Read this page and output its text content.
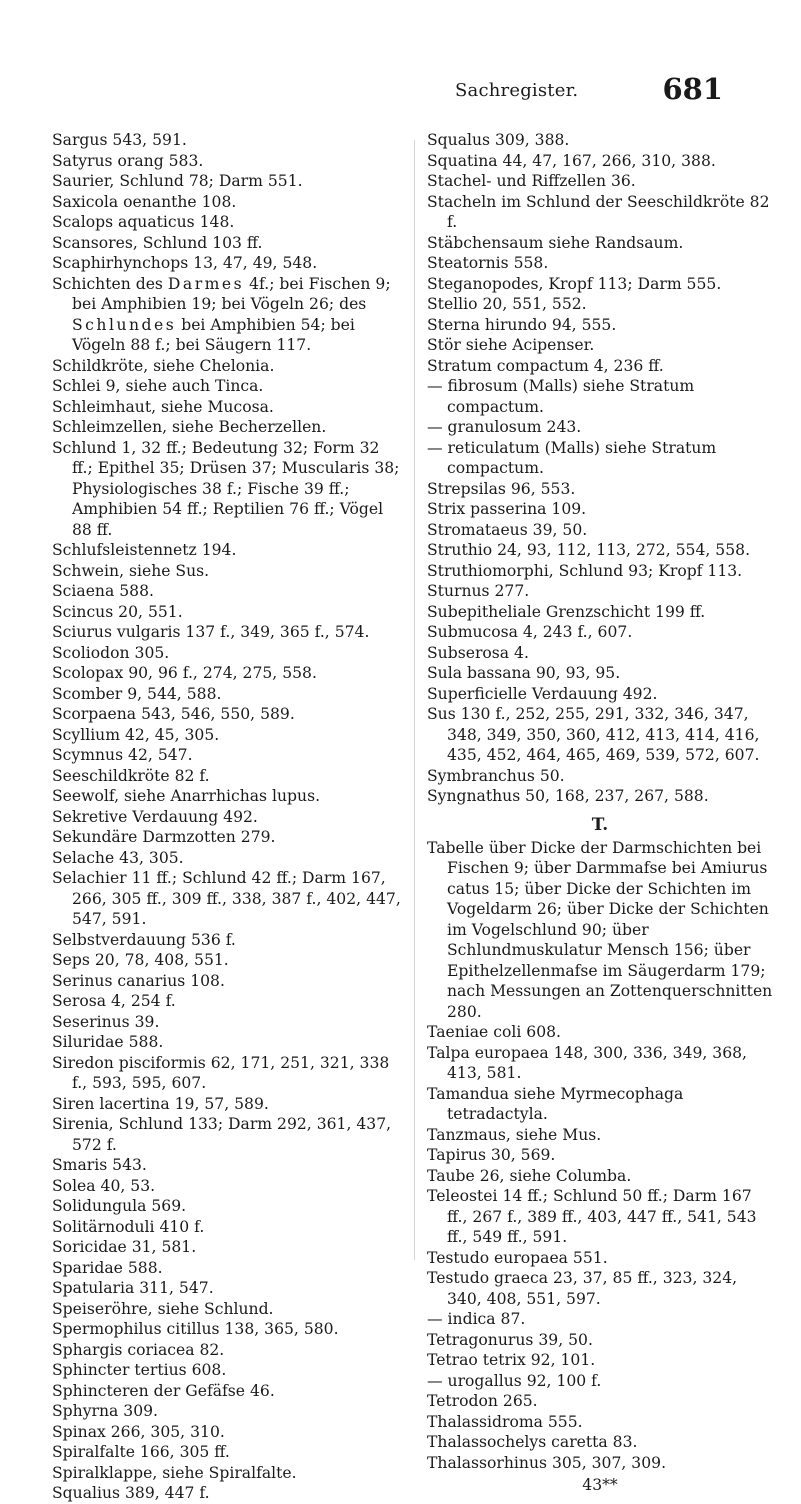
Sachregister.	681

Sargus 543, 591.

Satyrus orang 583.

Saurier, Schlund 78; Darm 551.

Saxicola oenanthe 108.

Scalops aquaticus 148.

Scansores, Schlund 103 ff.

Scaphirhynchops 13, 47, 49, 548.

Schichten des Darmes 4f.; bei Fischen 9; bei Amphibien 19; bei Vögeln 26; des Schlundes bei Amphibien 54; bei Vögeln 88 f.; bei Säugern 117.

Schildkröte, siehe Chelonia.

Schlei 9, siehe auch Tinca.

Schleimhaut, siehe Mucosa.

Schleimzellen, siehe Becherzellen.

Schlund 1, 32 ff.; Bedeutung 32; Form 32 ff.; Epithel 35; Drüsen 37; Muscularis 38; Physiologisches 38 f.; Fische 39 ff.; Amphibien 54 ff.; Reptilien 76 ff.; Vögel 88 ff.

Schlufsleistennetz 194.

Schwein, siehe Sus.

Sciaena 588.

Scincus 20, 551.

Sciurus vulgaris 137 f., 349, 365 f., 574.

Scoliodon 305.

Scolopax 90, 96 f., 274, 275, 558.

Scomber 9, 544, 588.

Scorpaena 543, 546, 550, 589.

Scyllium 42, 45, 305.

Scymnus 42, 547.

Seeschildkröte 82 f.

Seewolf, siehe Anarrhichas lupus.

Sekretive Verdauung 492.

Sekundäre Darmzotten 279.

Selache 43, 305.

Selachier 11 ff.; Schlund 42 ff.; Darm 167, 266, 305 ff., 309 ff., 338, 387 f., 402, 447, 547, 591.

Selbstverdauung 536 f.

Seps 20, 78, 408, 551.

Serinus canarius 108.

Serosa 4, 254 f.

Seserinus 39.

Siluridae 588.

Siredon pisciformis 62, 171, 251, 321, 338 f., 593, 595, 607.

Siren lacertina 19, 57, 589.

Sirenia, Schlund 133; Darm 292, 361, 437, 572 f.

Smaris 543.

Solea 40, 53.

Solidungula 569.

Solitärnoduli 410 f.

Soricidae 31, 581.

Sparidae 588.

Spatularia 311, 547.

Speiseröhre, siehe Schlund.

Spermophilus citillus 138, 365, 580.

Sphargis coriacea 82.

Sphincter tertius 608.

Sphincteren der Gefäfse 46.

Sphyrna 309.

Spinax 266, 305, 310.

Spiralfalte 166, 305 ff.

Spiralklappe, siehe Spiralfalte.

Squalius 389, 447 f.

Squalus 309, 388.

Squatina 44, 47, 167, 266, 310, 388.

Stachel- und Riffzellen 36.

Stacheln im Schlund der Seeschildkröte 82 f.

Stäbchensaum siehe Randsaum.

Steatornis 558.

Steganopodes, Kropf 113; Darm 555.

Stellio 20, 551, 552.

Sterna hirundo 94, 555.

Stör siehe Acipenser.

Stratum compactum 4, 236 ff.

— fibrosum (Malls) siehe Stratum compactum.

— granulosum 243.

— reticulatum (Malls) siehe Stratum compactum.

Strepsilas 96, 553.

Strix passerina 109.

Stromataeus 39, 50.

Struthio 24, 93, 112, 113, 272, 554, 558.

Struthiomorphi, Schlund 93; Kropf 113.

Sturnus 277.

Subepitheliale Grenzschicht 199 ff.

Submucosa 4, 243 f., 607.

Subserosa 4.

Sula bassana 90, 93, 95.

Superficielle Verdauung 492.

Sus 130 f., 252, 255, 291, 332, 346, 347, 348, 349, 350, 360, 412, 413, 414, 416, 435, 452, 464, 465, 469, 539, 572, 607.

Symbranchus 50.

Syngnathus 50, 168, 237, 267, 588.

T.

Tabelle über Dicke der Darmschichten bei Fischen 9; über Darmmafse bei Amiurus catus 15; über Dicke der Schichten im Vogeldarm 26; über Dicke der Schichten im Vogelschlund 90; über Schlundmuskulatur Mensch 156; über Epithelzellenmafse im Säugerdarm 179; nach Messungen an Zottenquerschnitten 280.

Taeniae coli 608.

Talpa europaea 148, 300, 336, 349, 368, 413, 581.

Tamandua siehe Myrmecophaga tetradactyla.

Tanzmaus, siehe Mus.

Tapirus 30, 569.

Taube 26, siehe Columba.

Teleostei 14 ff.; Schlund 50 ff.; Darm 167 ff., 267 f., 389 ff., 403, 447 ff., 541, 543 ff., 549 ff., 591.

Testudo europaea 551.

Testudo graeca 23, 37, 85 ff., 323, 324, 340, 408, 551, 597.

— indica 87.

Tetragonurus 39, 50.

Tetrao tetrix 92, 101.

— urogallus 92, 100 f.

Tetrodon 265.

Thalassidroma 555.

Thalassochelys caretta 83.

Thalassorhinus 305, 307, 309.

43**
